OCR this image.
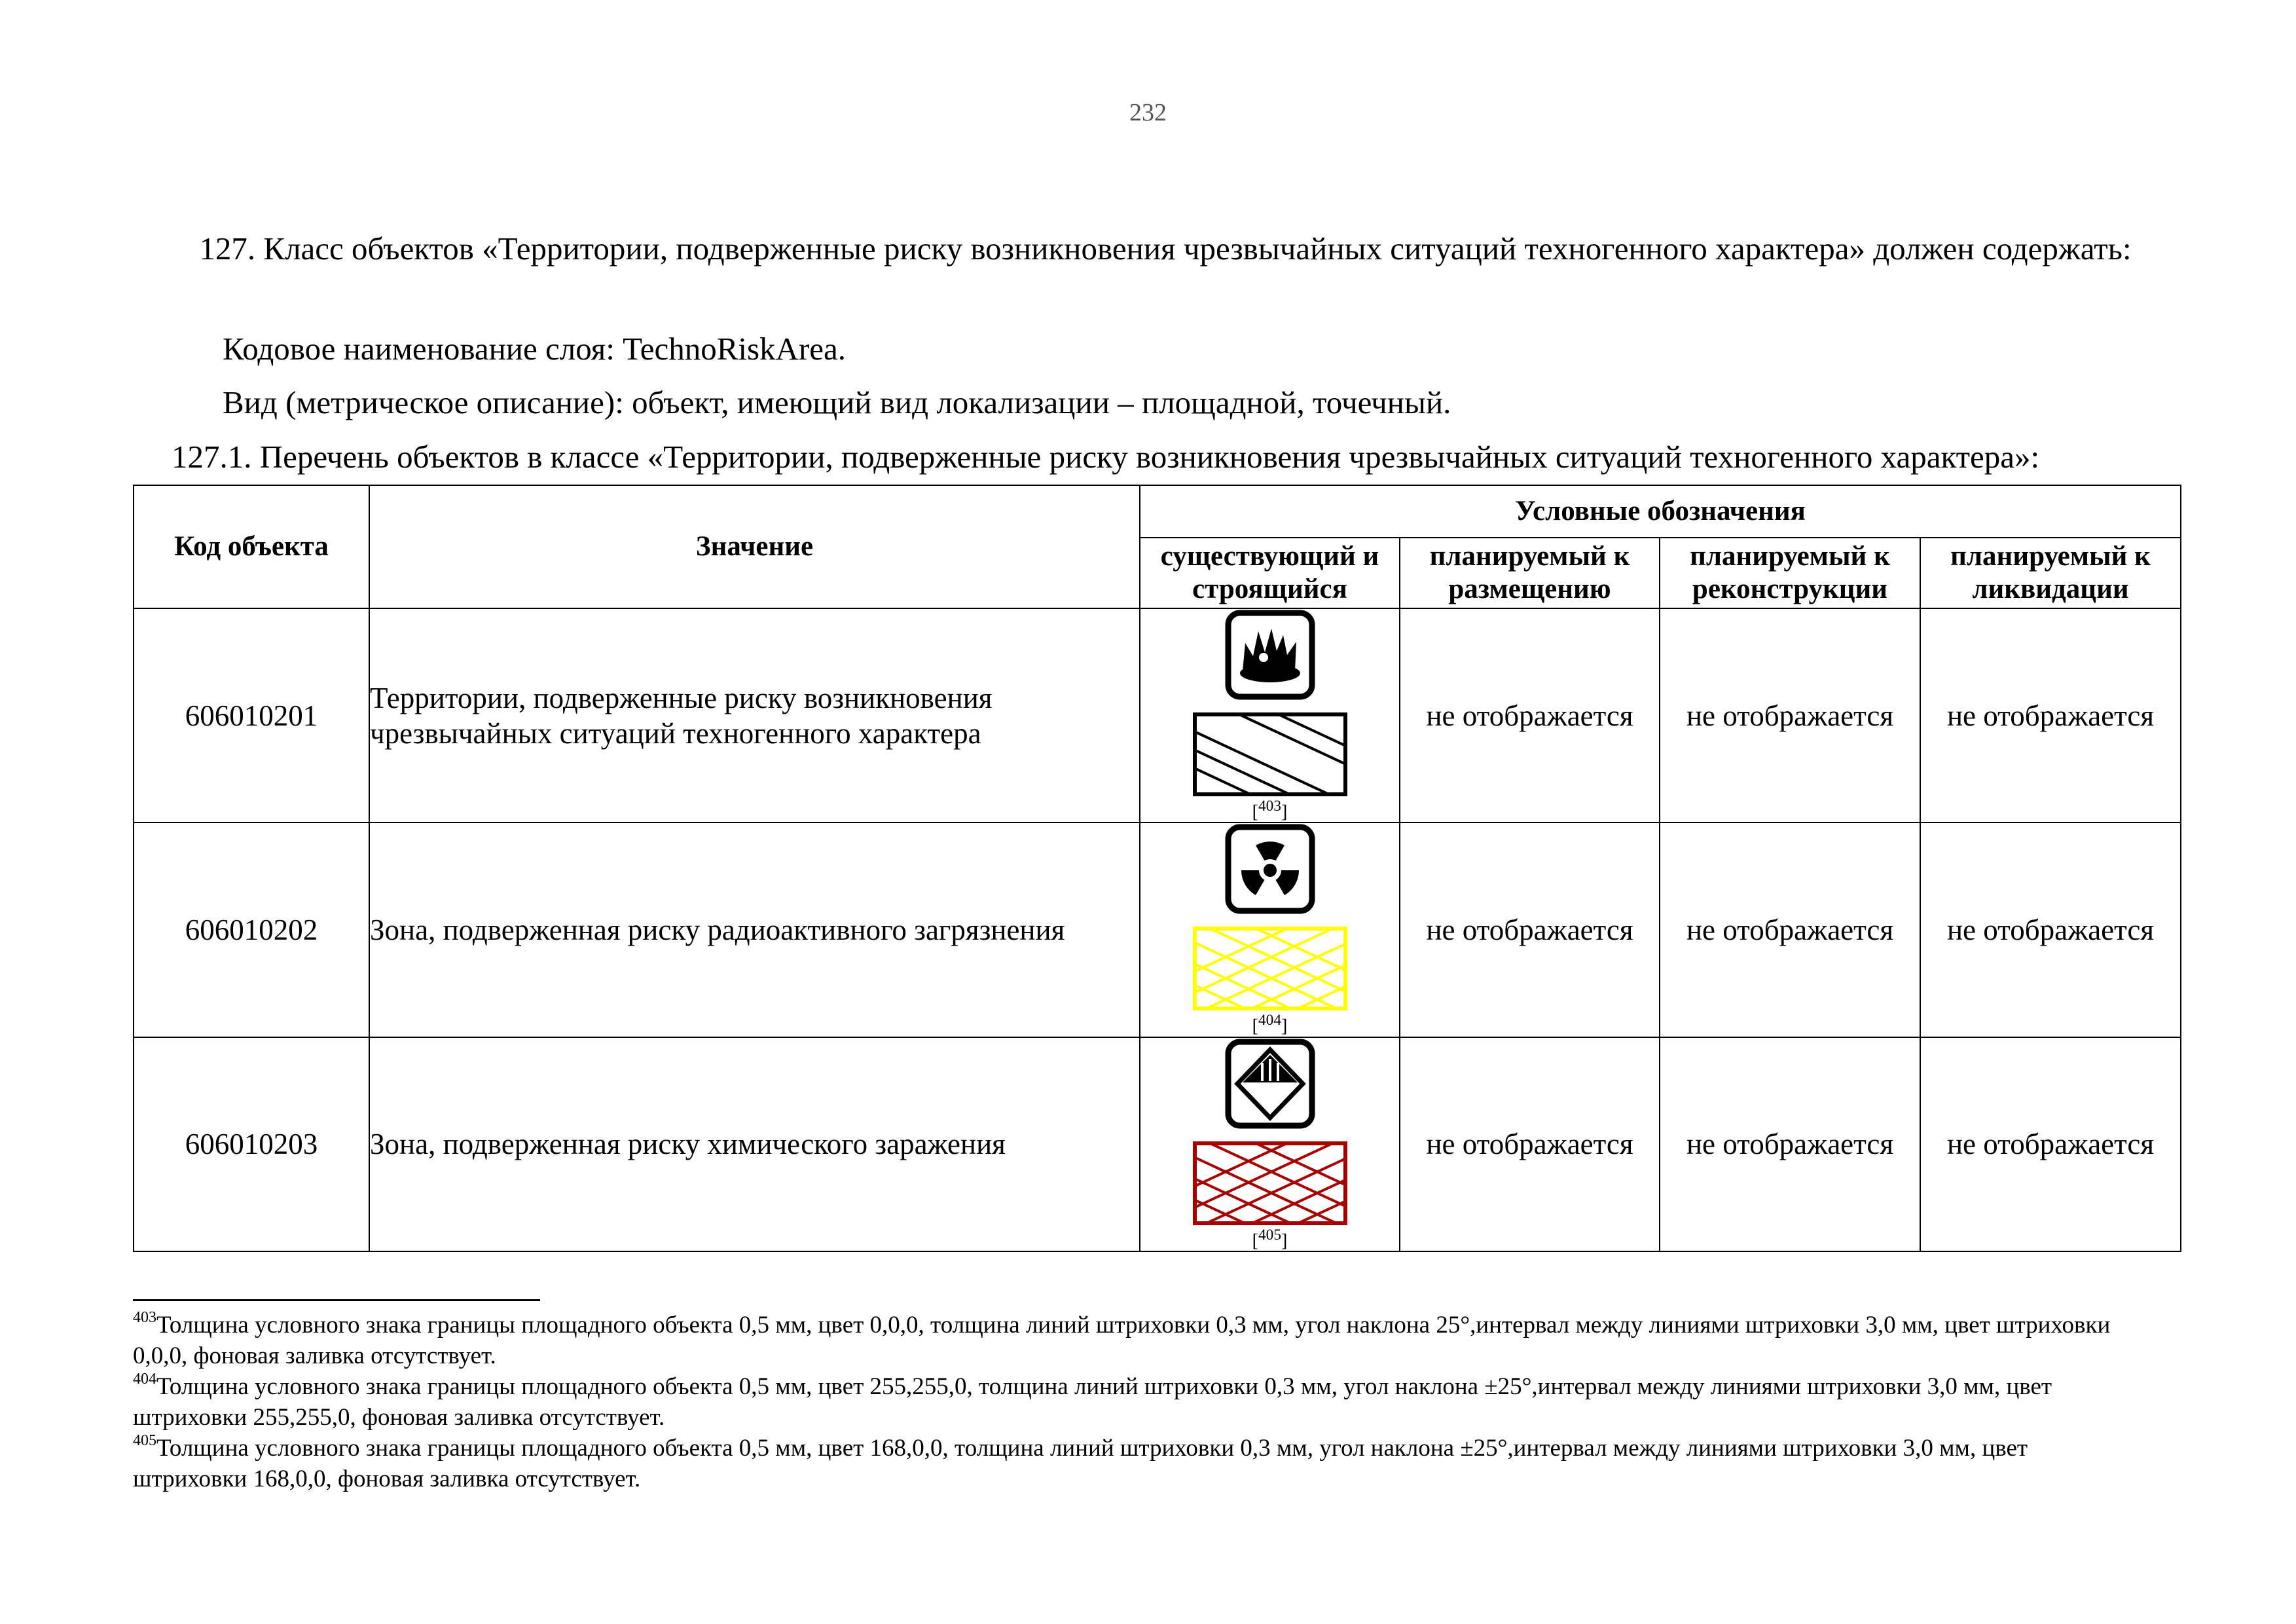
232
127. Класс объектов «Территории, подверженные риску возникновения чрезвычайных ситуаций техногенного характера» должен содержать:
Кодовое наименование слоя: TechnoRiskArea.
Вид (метрическое описание): объект, имеющий вид локализации – площадной, точечный.
127.1. Перечень объектов в классе «Территории, подверженные риску возникновения чрезвычайных ситуаций техногенного характера»:
Код объекта	Значение	Условные обозначения			
		существующий и строящийся	планируемый к размещению	планируемый к реконструкции	планируемый к ликвидации
606010201	Территории, подверженные риску возникновения чрезвычайных ситуаций техногенного характера	[$^{403}$]	не отображается	не отображается	не отображается
606010202	Зона, подверженная риску радиоактивного загрязнения	[$^{404}$]	не отображается	не отображается	не отображается
606010203	Зона, подверженная риску химического заражения	[$^{405}$]	не отображается	не отображается	не отображается

$^{403}$Толщина условного знака границы площадного объекта 0,5 мм, цвет 0,0,0, толщина линий штриховки 0,3 мм, угол наклона 25°,интервал между линиями штриховки 3,0 мм, цвет штриховки 0,0,0, фоновая заливка отсутствует.

$^{404}$Толщина условного знака границы площадного объекта 0,5 мм, цвет 255,255,0, толщина линий штриховки 0,3 мм, угол наклона ±25°,интервал между линиями штриховки 3,0 мм, цвет штриховки 255,255,0, фоновая заливка отсутствует.

$^{405}$Толщина условного знака границы площадного объекта 0,5 мм, цвет 168,0,0, толщина линий штриховки 0,3 мм, угол наклона ±25°,интервал между линиями штриховки 3,0 мм, цвет штриховки 168,0,0, фоновая заливка отсутствует.
